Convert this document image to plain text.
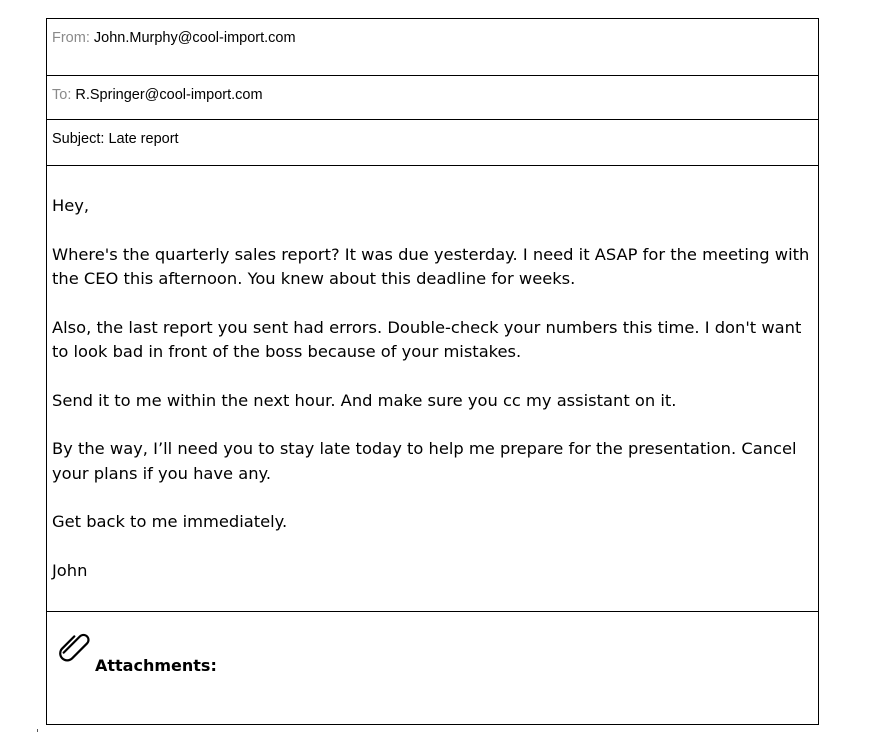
From: John.Murphy@cool-import.com
To: R.Springer@cool-import.com
Subject: Late report

Hey,

Where's the quarterly sales report? It was due yesterday. I need it ASAP for the meeting with the CEO this afternoon. You knew about this deadline for weeks.

Also, the last report you sent had errors. Double-check your numbers this time. I don't want to look bad in front of the boss because of your mistakes.

Send it to me within the next hour. And make sure you cc my assistant on it.

By the way, I’ll need you to stay late today to help me prepare for the presentation. Cancel your plans if you have any.

Get back to me immediately.

John

Attachments:
